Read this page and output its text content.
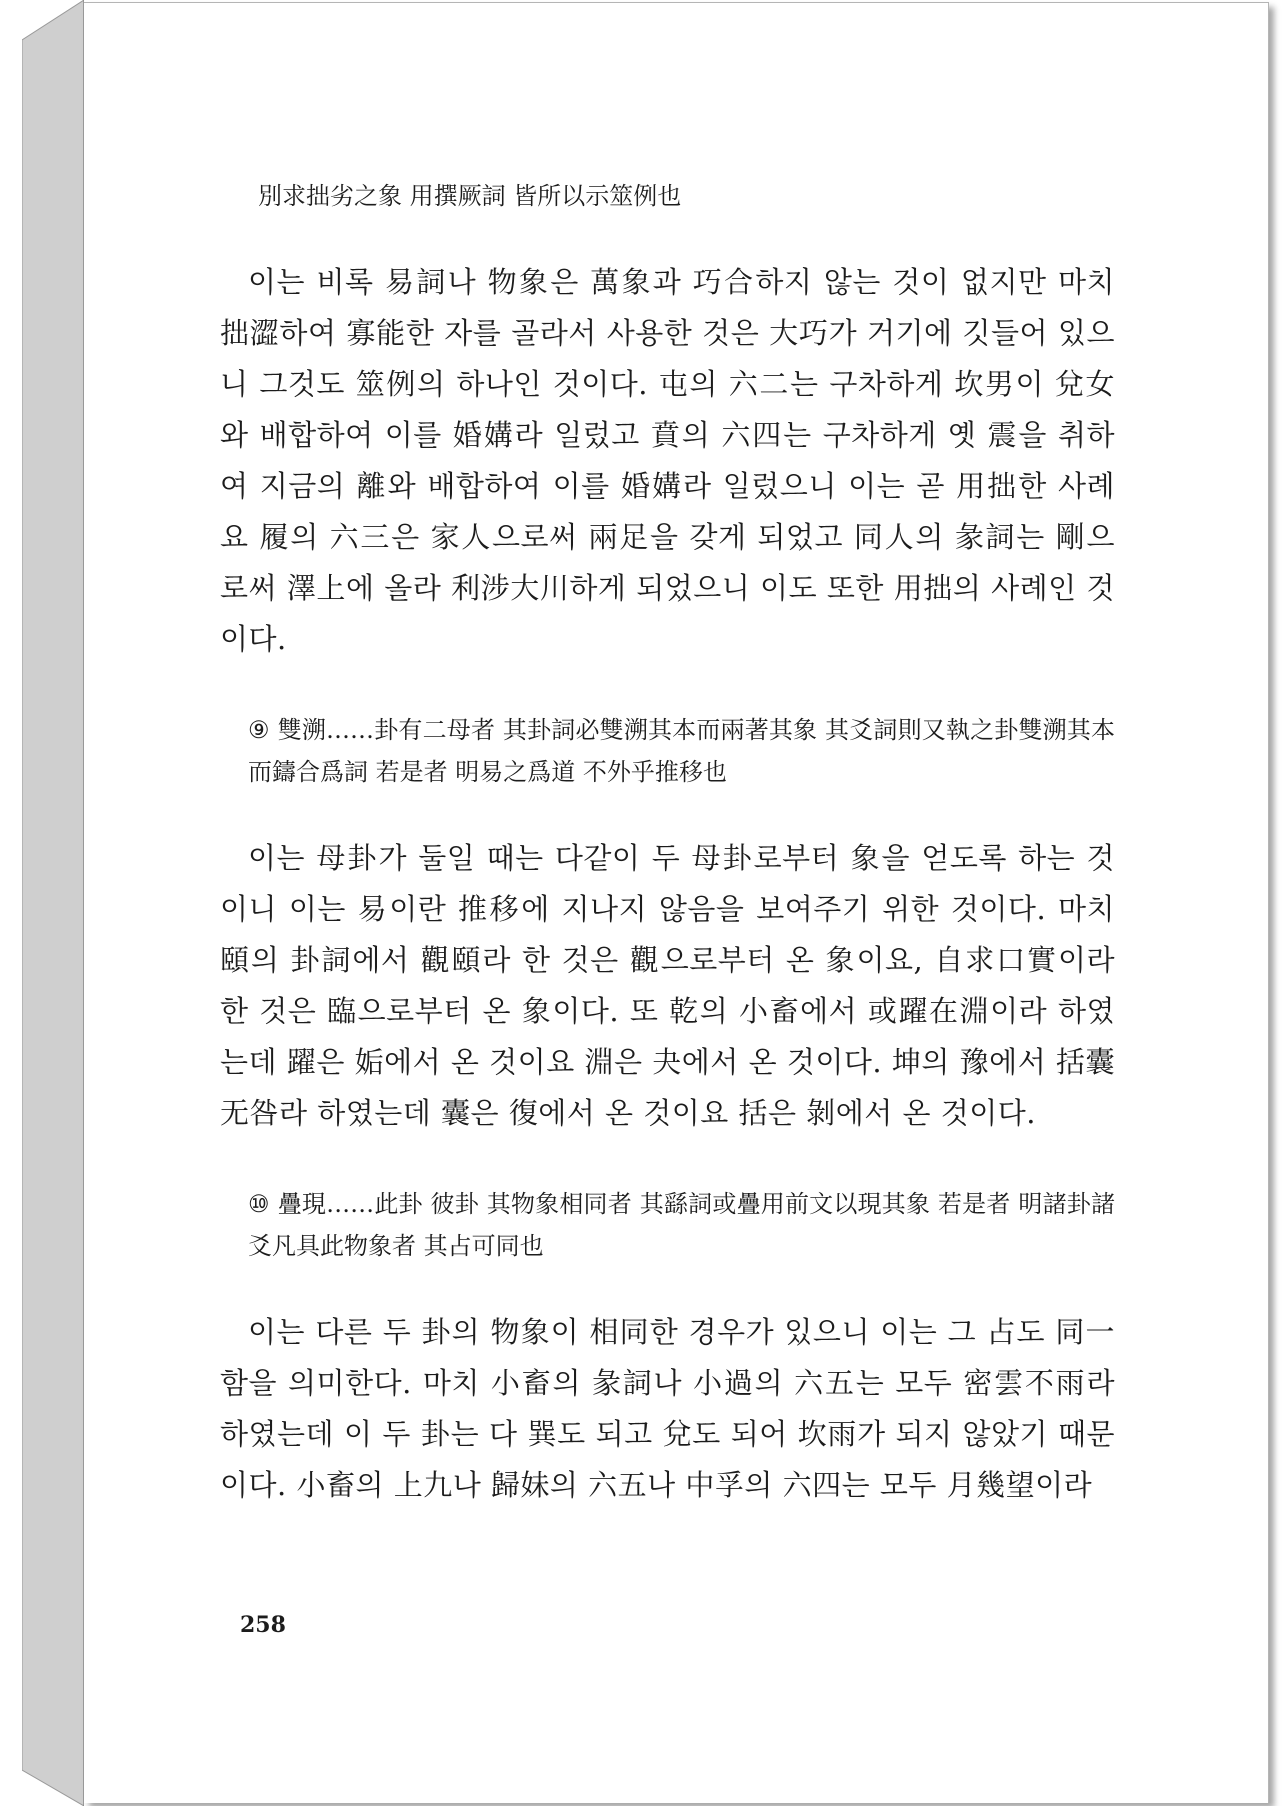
別求拙劣之象 用撰厥詞 皆所以示筮例也

이는 비록 易詞나 物象은 萬象과 巧合하지 않는 것이 없지만 마치 拙澀하여 寡能한 자를 골라서 사용한 것은 大巧가 거기에 깃들어 있으니 그것도 筮例의 하나인 것이다. 屯의 六二는 구차하게 坎男이 兌女와 배합하여 이를 婚媾라 일렀고 賁의 六四는 구차하게 옛 震을 취하여 지금의 離와 배합하여 이를 婚媾라 일렀으니 이는 곧 用拙한 사례요 履의 六三은 家人으로써 兩足을 갖게 되었고 同人의 彖詞는 剛으로써 澤上에 올라 利涉大川하게 되었으니 이도 또한 用拙의 사례인 것이다.

⑨ 雙溯……卦有二母者 其卦詞必雙溯其本而兩著其象 其爻詞則又執之卦雙溯其本而鑄合爲詞 若是者 明易之爲道 不外乎推移也

이는 母卦가 둘일 때는 다같이 두 母卦로부터 象을 얻도록 하는 것이니 이는 易이란 推移에 지나지 않음을 보여주기 위한 것이다. 마치 頤의 卦詞에서 觀頤라 한 것은 觀으로부터 온 象이요, 自求口實이라 한 것은 臨으로부터 온 象이다. 또 乾의 小畜에서 或躍在淵이라 하였는데 躍은 姤에서 온 것이요 淵은 夬에서 온 것이다. 坤의 豫에서 括囊无咎라 하였는데 囊은 復에서 온 것이요 括은 剝에서 온 것이다.

⑩ 疊現……此卦 彼卦 其物象相同者 其繇詞或疊用前文以現其象 若是者 明諸卦諸爻凡具此物象者 其占可同也

이는 다른 두 卦의 物象이 相同한 경우가 있으니 이는 그 占도 同一함을 의미한다. 마치 小畜의 彖詞나 小過의 六五는 모두 密雲不雨라 하였는데 이 두 卦는 다 巽도 되고 兌도 되어 坎雨가 되지 않았기 때문이다. 小畜의 上九나 歸妹의 六五나 中孚의 六四는 모두 月幾望이라

258
